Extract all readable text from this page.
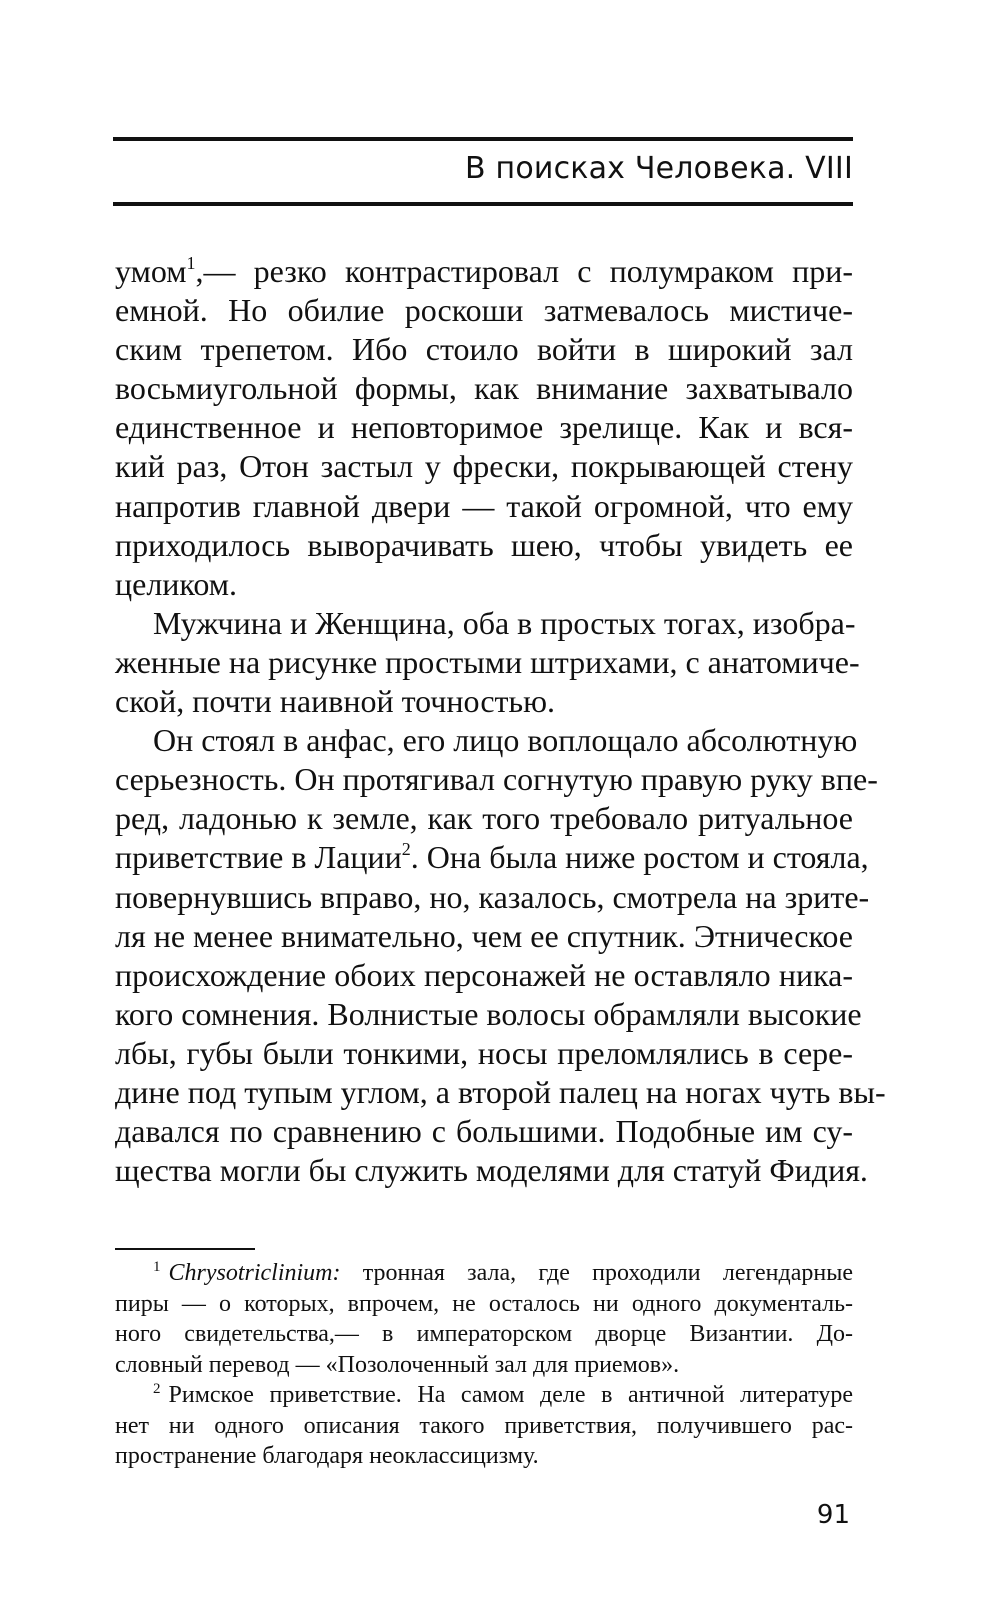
В поисках Человека. VIII
умом$^1$,— резко контрастировал с полумраком при-
емной. Но обилие роскоши затмевалось мистиче-
ским трепетом. Ибо стоило войти в широкий зал
восьмиугольной формы, как внимание захватывало
единственное и неповторимое зрелище. Как и вся-
кий раз, Отон застыл у фрески, покрывающей стену
напротив главной двери — такой огромной, что ему
приходилось выворачивать шею, чтобы увидеть ее
целиком.
Мужчина и Женщина, оба в простых тогах, изобра-
женные на рисунке простыми штрихами, с анатомиче-
ской, почти наивной точностью.
Он стоял в анфас, его лицо воплощало абсолютную
серьезность. Он протягивал согнутую правую руку впе-
ред, ладонью к земле, как того требовало ритуальное
приветствие в Лации$^2$. Она была ниже ростом и стояла,
повернувшись вправо, но, казалось, смотрела на зрите-
ля не менее внимательно, чем ее спутник. Этническое
происхождение обоих персонажей не оставляло ника-
кого сомнения. Волнистые волосы обрамляли высокие
лбы, губы были тонкими, носы преломлялись в сере-
дине под тупым углом, а второй палец на ногах чуть вы-
давался по сравнению с большими. Подобные им су-
щества могли бы служить моделями для статуй Фидия.
$^1$ Chrysotriclinium: тронная зала, где проходили легендарные
пиры — о которых, впрочем, не осталось ни одного документаль-
ного свидетельства,— в императорском дворце Византии. До-
словный перевод — «Позолоченный зал для приемов».
$^2$ Римское приветствие. На самом деле в античной литературе
нет ни одного описания такого приветствия, получившего рас-
пространение благодаря неоклассицизму.
91
